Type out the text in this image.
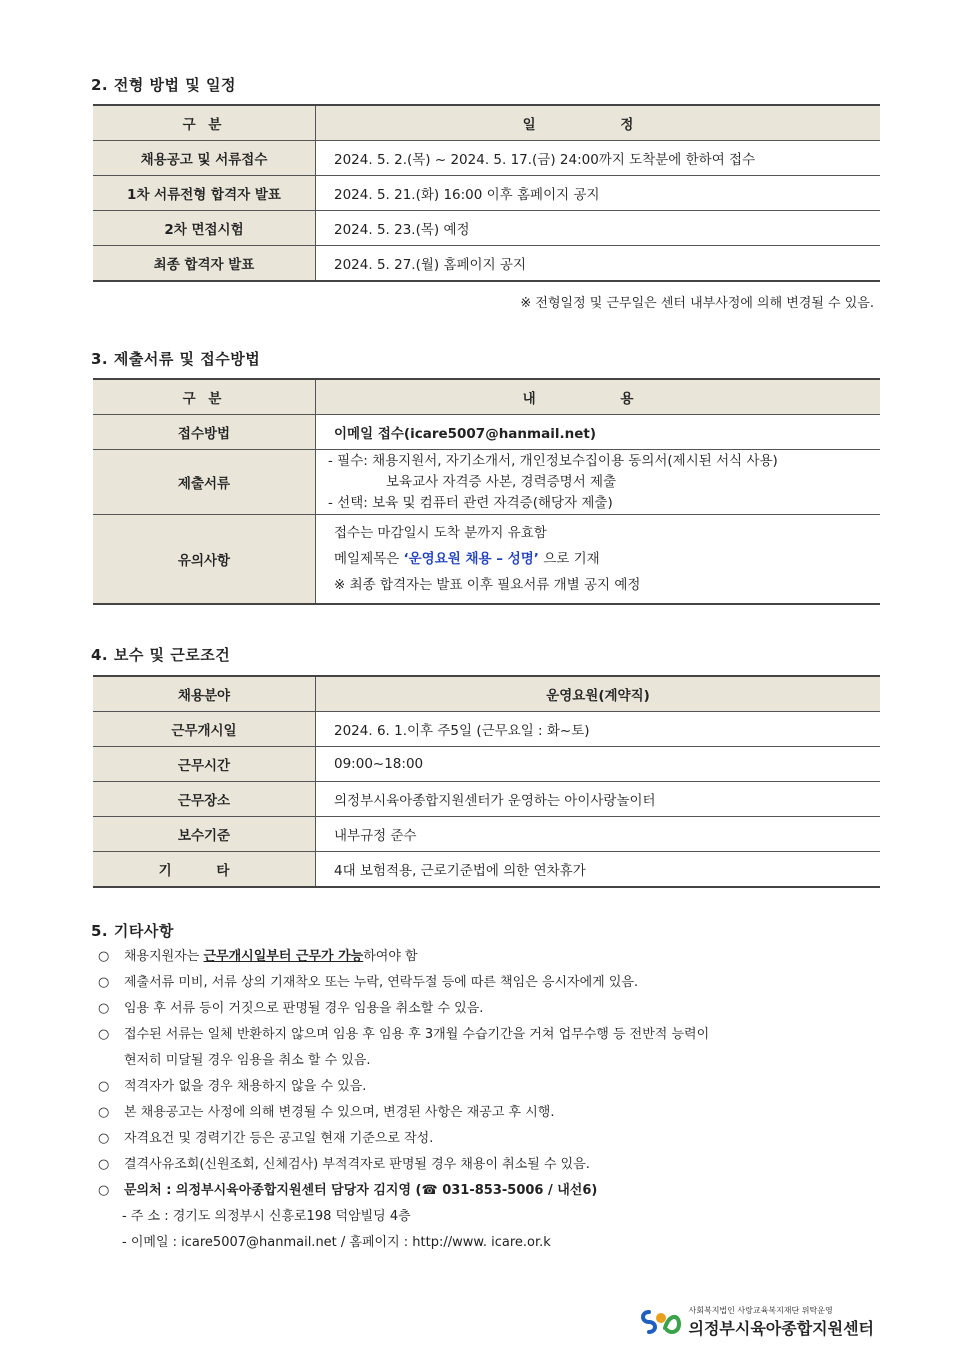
2. 전형 방법 및 일정
구 분	일 정
채용공고 및 서류접수	2024. 5. 2.(목) ~ 2024. 5. 17.(금) 24:00까지 도착분에 한하여 접수
1차 서류전형 합격자 발표	2024. 5. 21.(화) 16:00 이후 홈페이지 공지
2차 면접시험	2024. 5. 23.(목) 예정
최종 합격자 발표	2024. 5. 27.(월) 홈페이지 공지
※ 전형일정 및 근무일은 센터 내부사정에 의해 변경될 수 있음.
3. 제출서류 및 접수방법
구 분	내 용
접수방법	이메일 접수(icare5007@hanmail.net)
제출서류	- 필수: 채용지원서, 자기소개서, 개인정보수집이용 동의서(제시된 서식 사용)
보육교사 자격증 사본, 경력증명서 제출
- 선택: 보육 및 컴퓨터 관련 자격증(해당자 제출)

유의사항	접수는 마감일시 도착 분까지 유효함
메일제목은 ‘운영요원 채용 – 성명’ 으로 기재
※ 최종 합격자는 발표 이후 필요서류 개별 공지 예정
4. 보수 및 근로조건
채용분야	운영요원(계약직)
근무개시일	2024. 6. 1.이후 주5일 (근무요일 : 화~토)
근무시간	09:00~18:00
근무장소	의정부시육아종합지원센터가 운영하는 아이사랑놀이터
보수기준	내부규정 준수
기 타	4대 보험적용, 근로기준법에 의한 연차휴가
5. 기타사항
○	채용지원자는 근무개시일부터 근무가 가능하여야 함
○	제출서류 미비, 서류 상의 기재착오 또는 누락, 연락두절 등에 따른 책임은 응시자에게 있음.
○	임용 후 서류 등이 거짓으로 판명될 경우 임용을 취소할 수 있음.
○	접수된 서류는 일체 반환하지 않으며 임용 후 임용 후 3개월 수습기간을 거쳐 업무수행 등 전반적 능력이
현저히 미달될 경우 임용을 취소 할 수 있음.
○	적격자가 없을 경우 채용하지 않을 수 있음.
○	본 채용공고는 사정에 의해 변경될 수 있으며, 변경된 사항은 재공고 후 시행.
○	자격요건 및 경력기간 등은 공고일 현재 기준으로 작성.
○	결격사유조회(신원조회, 신체검사) 부적격자로 판명될 경우 채용이 취소될 수 있음.
○	문의처 : 의정부시육아종합지원센터 담당자 김지영 (☎ 031-853-5006 / 내선6)
- 주 소 : 경기도 의정부시 신흥로198 덕암빌딩 4층
- 이메일 : icare5007@hanmail.net / 홈페이지 : http://www. icare.or.k
사회복지법인 사랑교육복지재단 위탁운영
의정부시육아종합지원센터
